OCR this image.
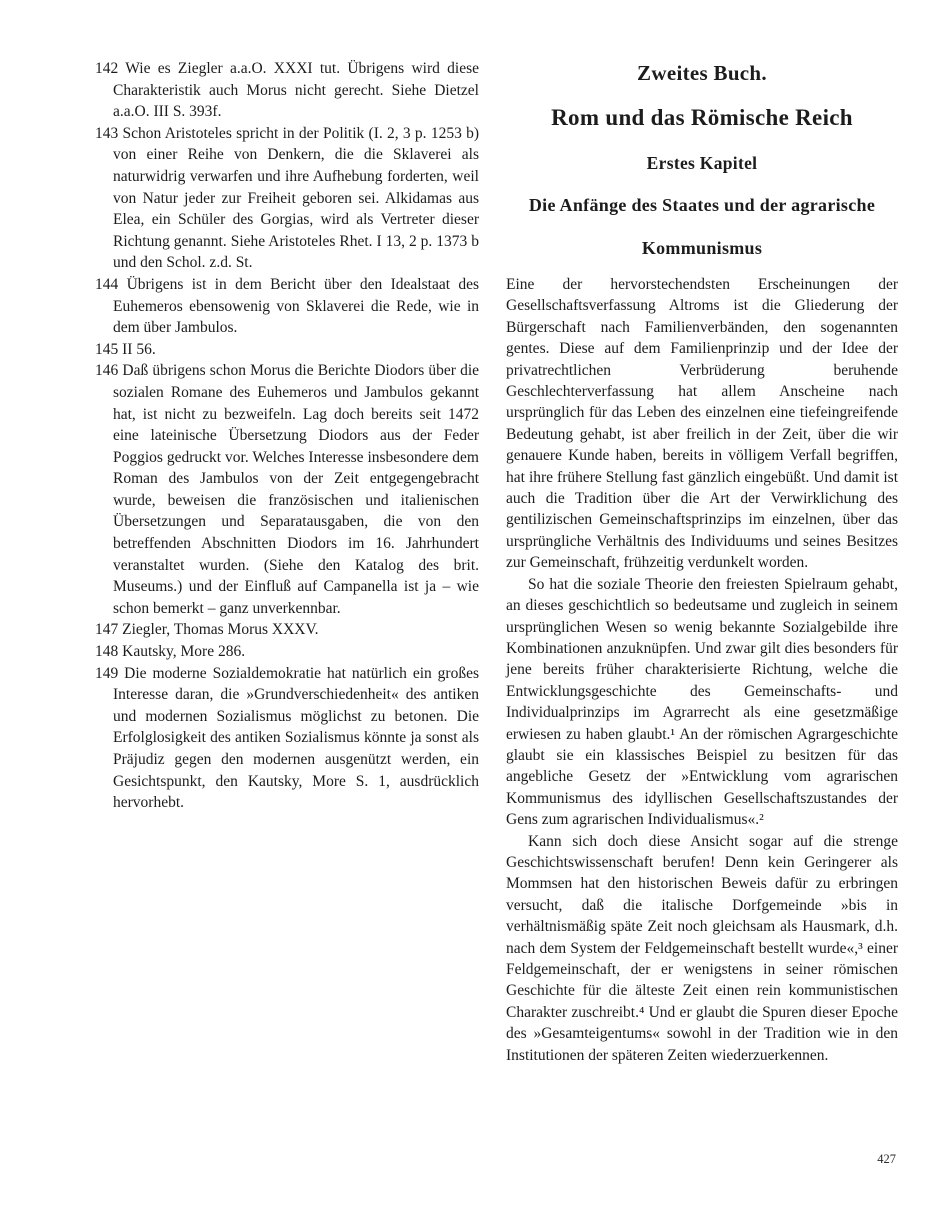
142 Wie es Ziegler a.a.O. XXXI tut. Übrigens wird diese Charakteristik auch Morus nicht gerecht. Siehe Dietzel a.a.O. III S. 393f.

143 Schon Aristoteles spricht in der Politik (I. 2, 3 p. 1253 b) von einer Reihe von Denkern, die die Sklaverei als naturwidrig verwarfen und ihre Aufhebung forderten, weil von Natur jeder zur Freiheit geboren sei. Alkidamas aus Elea, ein Schüler des Gorgias, wird als Vertreter dieser Richtung genannt. Siehe Aristoteles Rhet. I 13, 2 p. 1373 b und den Schol. z.d. St.

144 Übrigens ist in dem Bericht über den Idealstaat des Euhemeros ebensowenig von Sklaverei die Rede, wie in dem über Jambulos.

145 II 56.

146 Daß übrigens schon Morus die Berichte Diodors über die sozialen Romane des Euhemeros und Jambulos gekannt hat, ist nicht zu bezweifeln. Lag doch bereits seit 1472 eine lateinische Übersetzung Diodors aus der Feder Poggios gedruckt vor. Welches Interesse insbesondere dem Roman des Jambulos von der Zeit entgegengebracht wurde, beweisen die französischen und italienischen Übersetzungen und Separatausgaben, die von den betreffenden Abschnitten Diodors im 16. Jahrhundert veranstaltet wurden. (Siehe den Katalog des brit. Museums.) und der Einfluß auf Campanella ist ja – wie schon bemerkt – ganz unverkennbar.

147 Ziegler, Thomas Morus XXXV.

148 Kautsky, More 286.

149 Die moderne Sozialdemokratie hat natürlich ein großes Interesse daran, die »Grundverschiedenheit« des antiken und modernen Sozialismus möglichst zu betonen. Die Erfolglosigkeit des antiken Sozialismus könnte ja sonst als Präjudiz gegen den modernen ausgenützt werden, ein Gesichtspunkt, den Kautsky, More S. 1, ausdrücklich hervorhebt.

Zweites Buch.
Rom und das Römische Reich
Erstes Kapitel
Die Anfänge des Staates und der agrarische
Kommunismus

Eine der hervorstechendsten Erscheinungen der Gesellschaftsverfassung Altroms ist die Gliederung der Bürgerschaft nach Familienverbänden, den sogenannten gentes. Diese auf dem Familienprinzip und der Idee der privatrechtlichen Verbrüderung beruhende Geschlechterverfassung hat allem Anscheine nach ursprünglich für das Leben des einzelnen eine tiefeingreifende Bedeutung gehabt, ist aber freilich in der Zeit, über die wir genauere Kunde haben, bereits in völligem Verfall begriffen, hat ihre frühere Stellung fast gänzlich eingebüßt. Und damit ist auch die Tradition über die Art der Verwirklichung des gentilizischen Gemeinschaftsprinzips im einzelnen, über das ursprüngliche Verhältnis des Individuums und seines Besitzes zur Gemeinschaft, frühzeitig verdunkelt worden.

So hat die soziale Theorie den freiesten Spielraum gehabt, an dieses geschichtlich so bedeutsame und zugleich in seinem ursprünglichen Wesen so wenig bekannte Sozialgebilde ihre Kombinationen anzuknüpfen. Und zwar gilt dies besonders für jene bereits früher charakterisierte Richtung, welche die Entwicklungsgeschichte des Gemeinschafts- und Individualprinzips im Agrarrecht als eine gesetzmäßige erwiesen zu haben glaubt.¹ An der römischen Agrargeschichte glaubt sie ein klassisches Beispiel zu besitzen für das angebliche Gesetz der »Entwicklung vom agrarischen Kommunismus des idyllischen Gesellschaftszustandes der Gens zum agrarischen Individualismus«.²

Kann sich doch diese Ansicht sogar auf die strenge Geschichtswissenschaft berufen! Denn kein Geringerer als Mommsen hat den historischen Beweis dafür zu erbringen versucht, daß die italische Dorfgemeinde »bis in verhältnismäßig späte Zeit noch gleichsam als Hausmark, d.h. nach dem System der Feldgemeinschaft bestellt wurde«,³ einer Feldgemeinschaft, der er wenigstens in seiner römischen Geschichte für die älteste Zeit einen rein kommunistischen Charakter zuschreibt.⁴ Und er glaubt die Spuren dieser Epoche des »Gesamteigentums« sowohl in der Tradition wie in den Institutionen der späteren Zeiten wiederzuerkennen.

427
